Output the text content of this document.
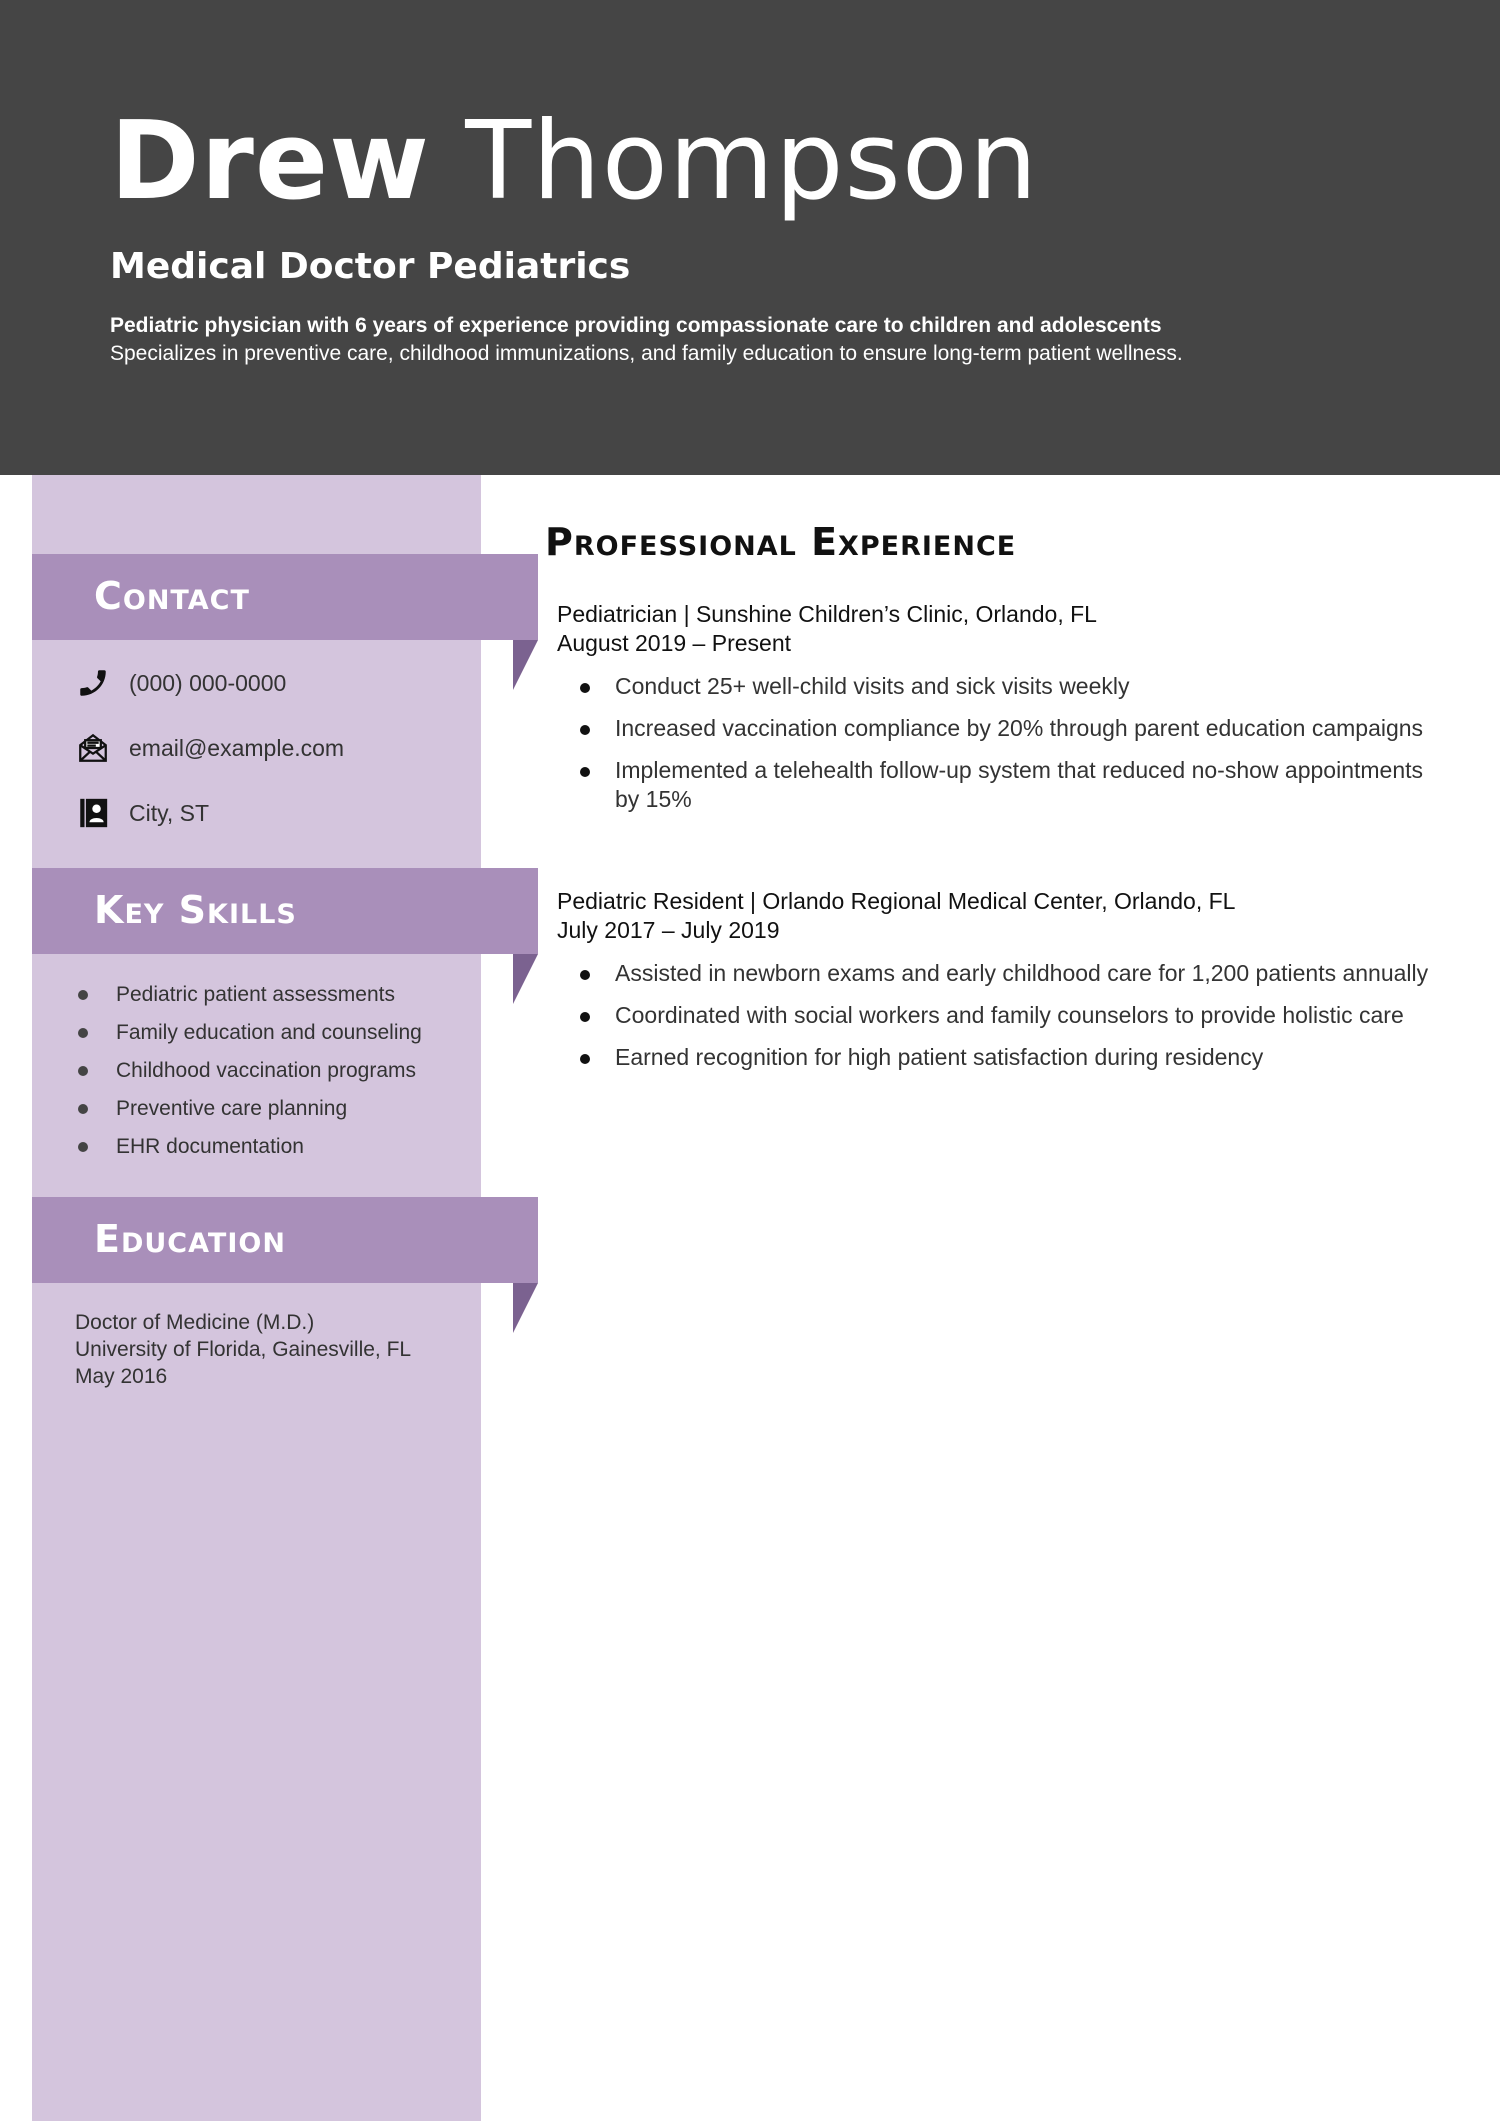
Drew Thompson
Medical Doctor Pediatrics
Pediatric physician with 6 years of experience providing compassionate care to children and adolescents
Specializes in preventive care, childhood immunizations, and family education to ensure long-term patient wellness.
Contact
(000) 000-0000
email@example.com
City, ST
Key Skills
Education
Pediatric patient assessments
Family education and counseling
Childhood vaccination programs
Preventive care planning
EHR documentation
Doctor of Medicine (M.D.)
University of Florida, Gainesville, FL
May 2016
Professional Experience
Pediatrician | Sunshine Children’s Clinic, Orlando, FL
August 2019 – Present
Conduct 25+ well-child visits and sick visits weekly
Increased vaccination compliance by 20% through parent education campaigns
Implemented a telehealth follow-up system that reduced no-show appointments by 15%
Pediatric Resident | Orlando Regional Medical Center, Orlando, FL
July 2017 – July 2019
Assisted in newborn exams and early childhood care for 1,200 patients annually
Coordinated with social workers and family counselors to provide holistic care
Earned recognition for high patient satisfaction during residency
